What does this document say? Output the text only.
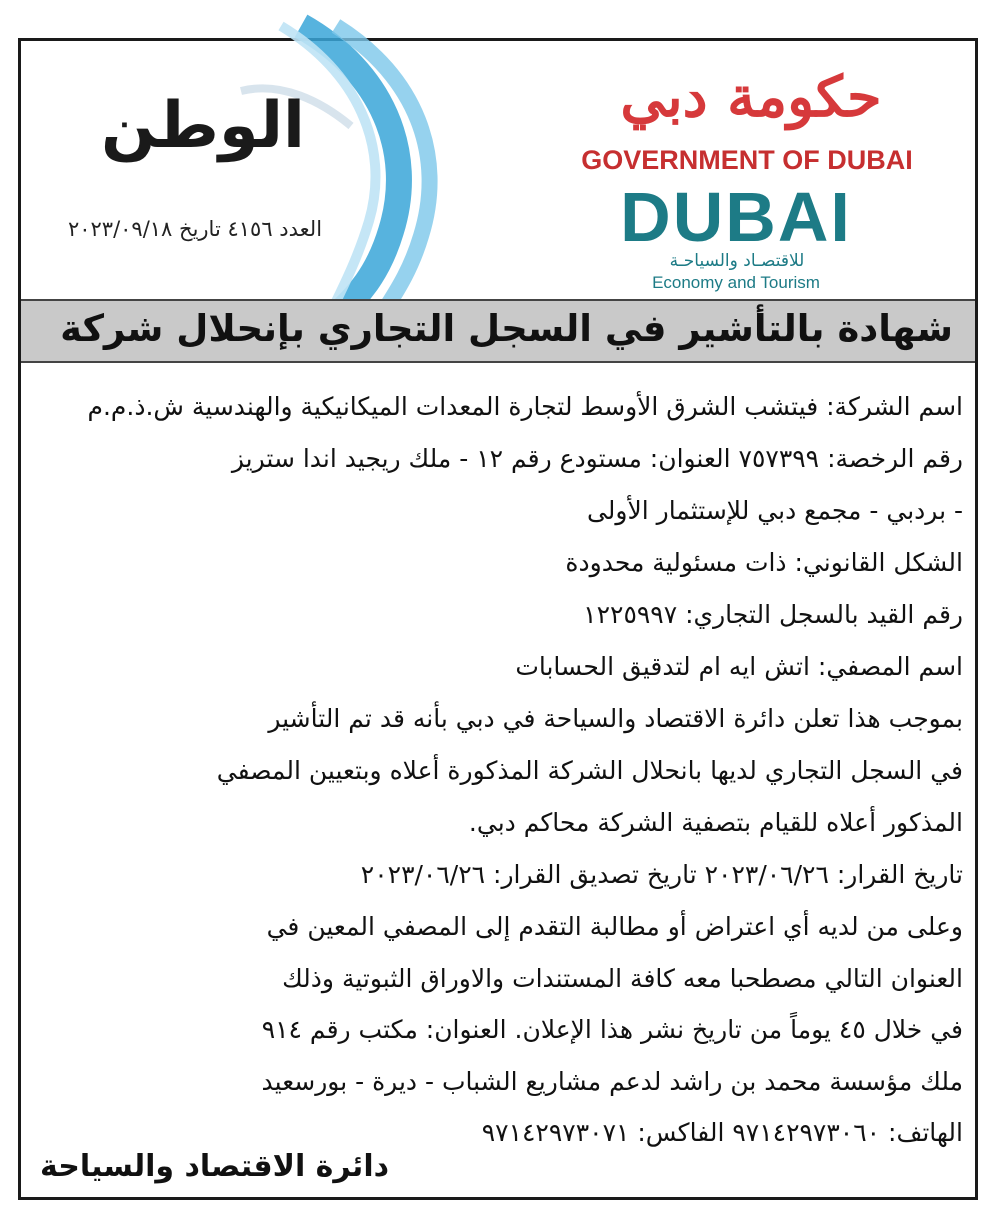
الوطن
العدد ٤١٥٦ تاريخ ٢٠٢٣/٠٩/١٨
حكومة دبي
GOVERNMENT OF DUBAI
DUBAI
للاقتصـاد والسياحـة
Economy and Tourism
شهادة بالتأشير في السجل التجاري بإنحلال شركة
اسم الشركة: فيتشب الشرق الأوسط لتجارة المعدات الميكانيكية والهندسية ش.ذ.م.م
رقم الرخصة: ٧٥٧٣٩٩ العنوان: مستودع رقم ١٢ - ملك ريجيد اندا ستريز
- بردبي - مجمع دبي للإستثمار الأولى
الشكل القانوني: ذات مسئولية محدودة
رقم القيد بالسجل التجاري: ١٢٢٥٩٩٧
اسم المصفي: اتش ايه ام لتدقيق الحسابات
بموجب هذا تعلن دائرة الاقتصاد والسياحة في دبي بأنه قد تم التأشير
في السجل التجاري لديها بانحلال الشركة المذكورة أعلاه وبتعيين المصفي
المذكور أعلاه للقيام بتصفية الشركة محاكم دبي.
تاريخ القرار: ٢٠٢٣/٠٦/٢٦ تاريخ تصديق القرار: ٢٠٢٣/٠٦/٢٦
وعلى من لديه أي اعتراض أو مطالبة التقدم إلى المصفي المعين في
العنوان التالي مصطحبا معه كافة المستندات والاوراق الثبوتية وذلك
في خلال ٤٥ يوماً من تاريخ نشر هذا الإعلان. العنوان: مكتب رقم ٩١٤
ملك مؤسسة محمد بن راشد لدعم مشاريع الشباب - ديرة - بورسعيد
الهاتف: ٩٧١٤٢٩٧٣٠٦٠ الفاكس: ٩٧١٤٢٩٧٣٠٧١
دائرة الاقتصاد والسياحة
